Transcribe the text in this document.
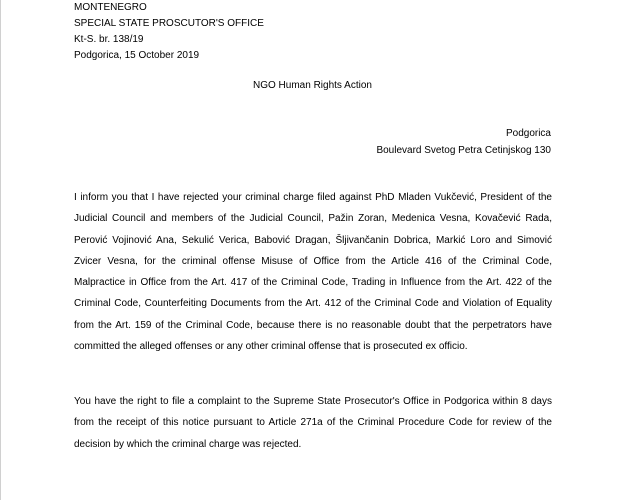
MONTENEGRO
SPECIAL STATE PROSCUTOR'S OFFICE
Kt-S. br. 138/19
Podgorica, 15 October 2019
NGO Human Rights Action
Podgorica
Boulevard Svetog Petra Cetinjskog 130

I inform you that I have rejected your criminal charge filed against PhD Mladen Vukčević, President of the Judicial Council and members of the Judicial Council, Pažin Zoran, Medenica Vesna, Kovačević Rada, Perović Vojinović Ana, Sekulić Verica, Babović Dragan, Šljivančanin Dobrica, Markić Loro and Simović Zvicer Vesna, for the criminal offense Misuse of Office from the Article 416 of the Criminal Code, Malpractice in Office from the Art. 417 of the Criminal Code, Trading in Influence from the Art. 422 of the Criminal Code, Counterfeiting Documents from the Art. 412 of the Criminal Code and Violation of Equality from the Art. 159 of the Criminal Code, because there is no reasonable doubt that the perpetrators have committed the alleged offenses or any other criminal offense that is prosecuted ex officio.

You have the right to file a complaint to the Supreme State Prosecutor's Office in Podgorica within 8 days from the receipt of this notice pursuant to Article 271a of the Criminal Procedure Code for review of the decision by which the criminal charge was rejected.
